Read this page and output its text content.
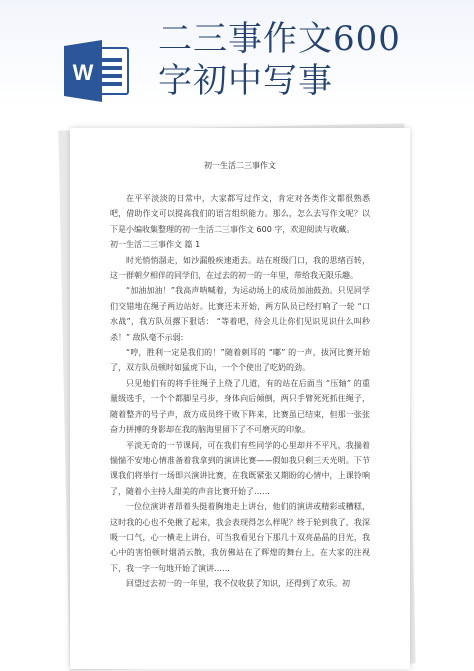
W
二三事作文600
字初中写事
初一生活二三事作文

在平平淡淡的日常中，大家都写过作文，肯定对各类作文都很熟悉吧，借助作文可以提高我们的语言组织能力。那么，怎么去写作文呢？以下是小编收集整理的初一生活二三事作文 600 字，欢迎阅读与收藏。

初一生活二三事作文 篇 1

时光悄悄溜走，如沙漏般疾速逝去。站在班级门口，我的思绪百转，这一群朝夕相伴的同学们，在过去的初一的一年里，带给我无限乐趣。

“加油加油！”我高声呐喊着，为运动场上的成员加油鼓劲。只见同学们交错地在绳子两边站好。比赛还未开始，两方队员已经打响了一轮 “口水战”，我方队员撂下狠话： “等着吧，待会儿让你们见识见识什么叫秒杀！” 敌队毫不示弱:

“哼，胜利一定是我们的！”随着刺耳的 “嘟” 的一声，拔河比赛开始了，双方队员顿时如猛虎下山，一个个使出了吃奶的劲。

只见他们有的将手往绳子上绕了几道，有的站在后面当 “压轴” 的重量级选手，一个个都脚呈弓步，身体向后倾倒，两只手臂死死抓住绳子，随着整齐的号子声，敌方成员终于败下阵来，比赛虽已结束，但那一张张奋力拼搏的身影却在我的脑海里留下了不可磨灭的印象。

平淡无奇的一节课间，可在我们有些同学的心里却并不平凡，我揣着惴惴不安地心情准备着我拿到的演讲比赛——假如我只剩三天光明。下节课我们将举行一场即兴演讲比赛，在我既紧张又期盼的心情中，上课铃响了，随着小主持人甜美的声音比赛开始了……

一位位演讲者昂着头挺着胸地走上讲台，他们的演讲或精彩或糟糕，这时我的心也不免揪了起来，我会表现得怎么样呢？终于轮到我了，我深吸一口气，心一横走上讲台，可当我看见台下那几十双亮晶晶的目光，我心中的害怕顿时烟消云散，我仿佛站在了辉煌的舞台上，在大家的注视下，我一字一句地开始了演讲……

回望过去初一的一年里，我不仅收获了知识，还得到了欢乐。初
